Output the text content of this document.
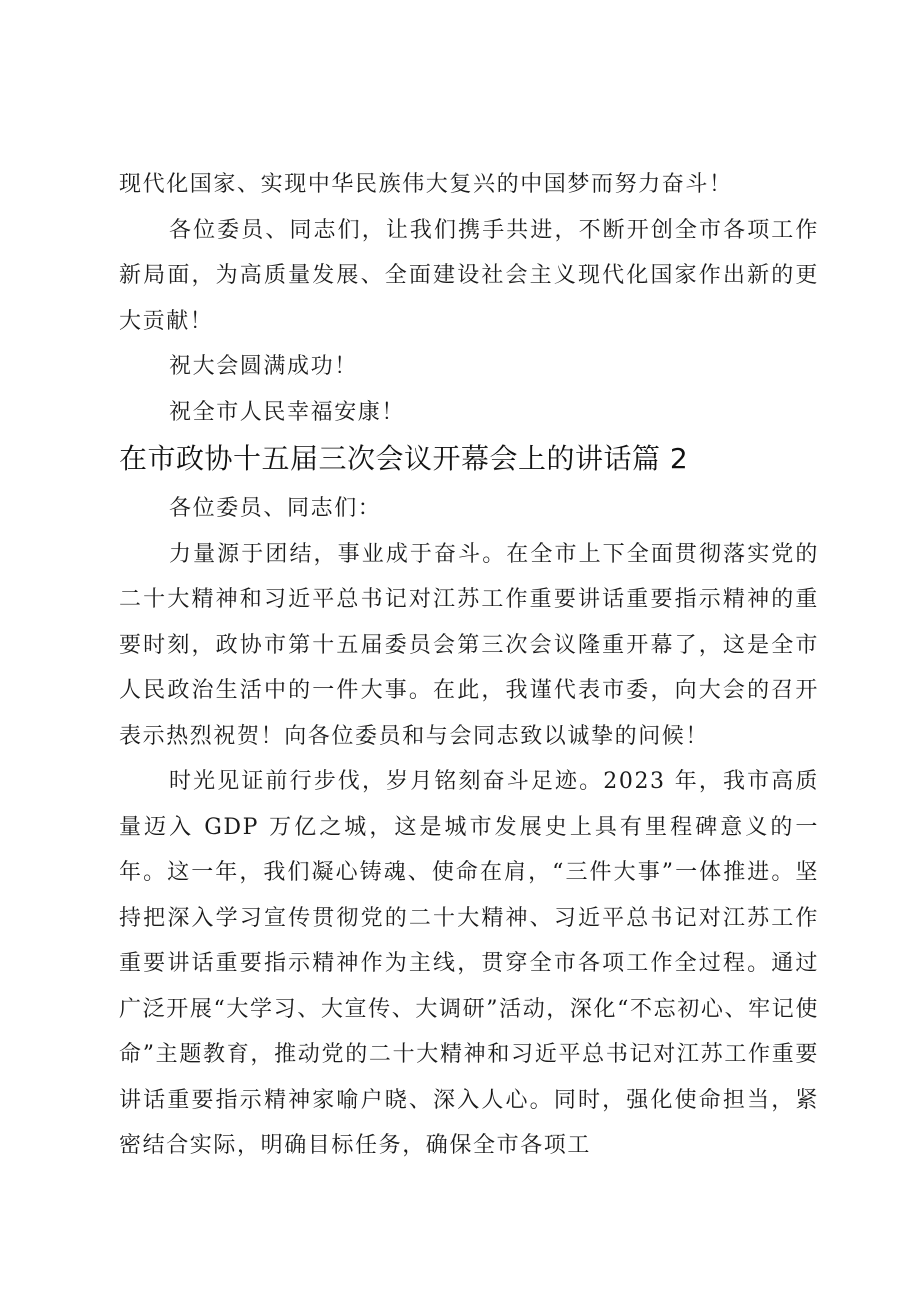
现代化国家、实现中华民族伟大复兴的中国梦而努力奋斗！

各位委员、同志们，让我们携手共进，不断开创全市各项工作新局面，为高质量发展、全面建设社会主义现代化国家作出新的更大贡献！

祝大会圆满成功！

祝全市人民幸福安康！

在市政协十五届三次会议开幕会上的讲话篇 2

各位委员、同志们：

力量源于团结，事业成于奋斗。在全市上下全面贯彻落实党的二十大精神和习近平总书记对江苏工作重要讲话重要指示精神的重要时刻，政协市第十五届委员会第三次会议隆重开幕了，这是全市人民政治生活中的一件大事。在此，我谨代表市委，向大会的召开表示热烈祝贺！向各位委员和与会同志致以诚挚的问候！

时光见证前行步伐，岁月铭刻奋斗足迹。2023 年，我市高质量迈入 GDP 万亿之城，这是城市发展史上具有里程碑意义的一年。这一年，我们凝心铸魂、使命在肩，“三件大事”一体推进。坚持把深入学习宣传贯彻党的二十大精神、习近平总书记对江苏工作重要讲话重要指示精神作为主线，贯穿全市各项工作全过程。通过广泛开展“大学习、大宣传、大调研”活动，深化“不忘初心、牢记使命”主题教育，推动党的二十大精神和习近平总书记对江苏工作重要讲话重要指示精神家喻户晓、深入人心。同时，强化使命担当，紧密结合实际，明确目标任务，确保全市各项工
